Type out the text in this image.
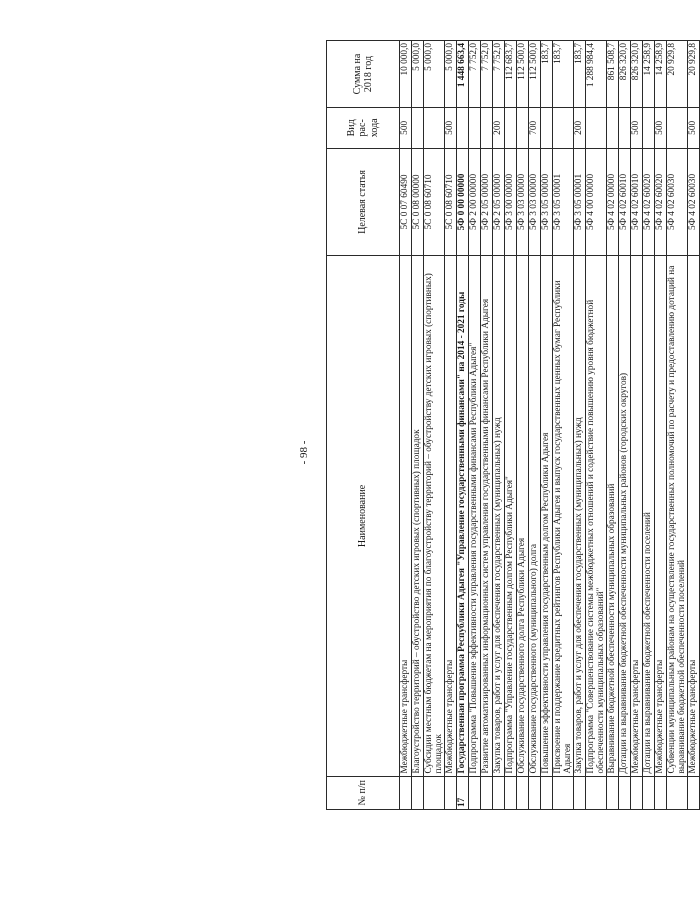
- 98 -
№ п/п	Наименование	Целевая статья	Вид рас-хода	Сумма на 2018 год
	Межбюджетные трансферты	5С 0 07 60490	500	10 000,0
	Благоустройство территорий – обустройство детских игровых (спортивных) площадок	5С 0 08 00000		5 000,0
	Субсидии местным бюджетам на мероприятия по благоустройству территорий – обустройству детских игровых (спортивных) площадок	5С 0 08 60710		5 000,0
	Межбюджетные трансферты	5С 0 08 60710	500	5 000,0
17	Государственная программа Республики Адыгея "Управление государственными финансами" на 2014 - 2021 годы	5Ф 0 00 00000		1 448 663,4
	Подпрограмма "Повышение эффективности управления государственными финансами Республики Адыгея"	5Ф 2 00 00000		7 752,0
	Развитие автоматизированных информационных систем управления государственными финансами Республики Адыгея	5Ф 2 05 00000		7 752,0
	Закупка товаров, работ и услуг для обеспечения государственных (муниципальных) нужд	5Ф 2 05 00000	200	7 752,0
	Подпрограмма "Управление государственным долгом Республики Адыгея"	5Ф 3 00 00000		112 683,7
	Обслуживание государственного долга Республики Адыгея	5Ф 3 03 00000		112 500,0
	Обслуживание государственного (муниципального) долга	5Ф 3 03 00000	700	112 500,0
	Повышение эффективности управления государственным долгом Республики Адыгея	5Ф 3 05 00000		183,7
	Присвоение и поддержание кредитных рейтингов Республики Адыгея и выпуск государственных ценных бумаг Республики Адыгея	5Ф 3 05 00001		183,7
	Закупка товаров, работ и услуг для обеспечения государственных (муниципальных) нужд	5Ф 3 05 00001	200	183,7
	Подпрограмма "Совершенствование системы межбюджетных отношений и содействие повышению уровня бюджетной обеспеченности муниципальных образований"	5Ф 4 00 00000		1 288 984,4
	Выравнивание бюджетной обеспеченности муниципальных образований	5Ф 4 02 00000		861 508,7
	Дотации на выравнивание бюджетной обеспеченности муниципальных районов (городских округов)	5Ф 4 02 60010		826 320,0
	Межбюджетные трансферты	5Ф 4 02 60010	500	826 320,0
	Дотации на выравнивание бюджетной обеспеченности поселений	5Ф 4 02 60020		14 258,9
	Межбюджетные трансферты	5Ф 4 02 60020	500	14 258,9
	Субвенции муниципальным районам на осуществление государственных полномочий по расчету и предоставлению дотаций на выравнивание бюджетной обеспеченности поселений	5Ф 4 02 60030		20 929,8
	Межбюджетные трансферты	5Ф 4 02 60030	500	20 929,8
